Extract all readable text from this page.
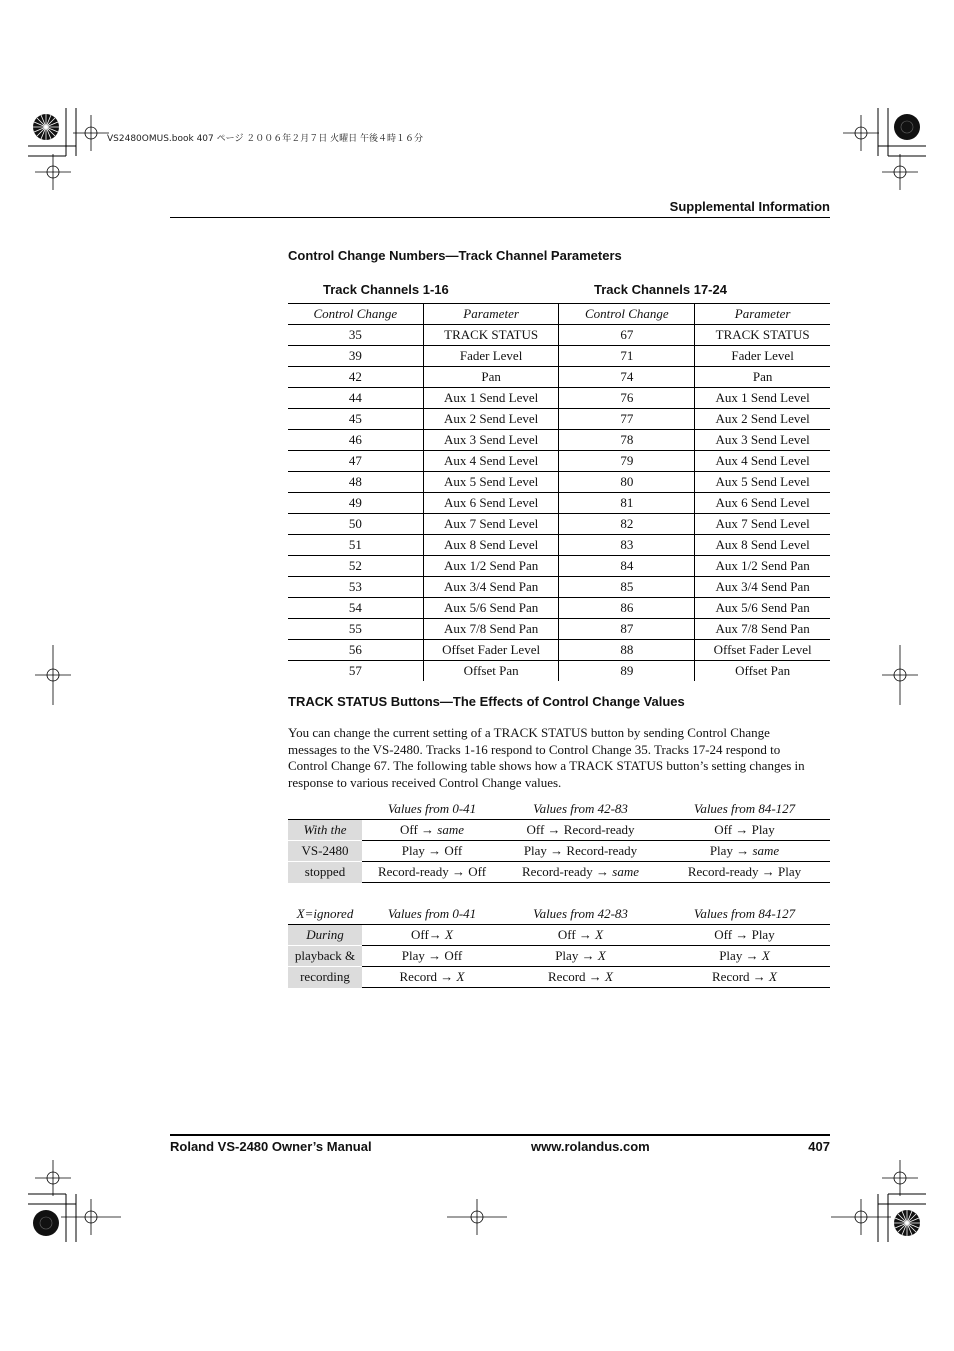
VS2480OMUS.book 407 ページ ２００６年２月７日 火曜日 午後４時１６分
Supplemental Information
Control Change Numbers—Track Channel Parameters
Track Channels 1-16	Track Channels 17-24
Control Change	Parameter	Control Change	Parameter
35	TRACK STATUS	67	TRACK STATUS
39	Fader Level	71	Fader Level
42	Pan	74	Pan
44	Aux 1 Send Level	76	Aux 1 Send Level
45	Aux 2 Send Level	77	Aux 2 Send Level
46	Aux 3 Send Level	78	Aux 3 Send Level
47	Aux 4 Send Level	79	Aux 4 Send Level
48	Aux 5 Send Level	80	Aux 5 Send Level
49	Aux 6 Send Level	81	Aux 6 Send Level
50	Aux 7 Send Level	82	Aux 7 Send Level
51	Aux 8 Send Level	83	Aux 8 Send Level
52	Aux 1/2 Send Pan	84	Aux 1/2 Send Pan
53	Aux 3/4 Send Pan	85	Aux 3/4 Send Pan
54	Aux 5/6 Send Pan	86	Aux 5/6 Send Pan
55	Aux 7/8 Send Pan	87	Aux 7/8 Send Pan
56	Offset Fader Level	88	Offset Fader Level
57	Offset Pan	89	Offset Pan
TRACK STATUS Buttons—The Effects of Control Change Values
You can change the current setting of a TRACK STATUS button by sending Control Change messages to the VS-2480. Tracks 1-16 respond to Control Change 35. Tracks 17-24 respond to Control Change 67. The following table shows how a TRACK STATUS button’s setting changes in response to various received Control Change values.
	Values from 0-41	Values from 42-83	Values from 84-127
With the	Off → same	Off → Record-ready	Off → Play
VS-2480	Play → Off	Play → Record-ready	Play → same
stopped	Record-ready → Off	Record-ready → same	Record-ready → Play
X=ignored	Values from 0-41	Values from 42-83	Values from 84-127
During	Off→ X	Off → X	Off → Play
playback &	Play → Off	Play → X	Play → X
recording	Record → X	Record → X	Record → X
Roland VS-2480 Owner’s Manual	www.rolandus.com	407
